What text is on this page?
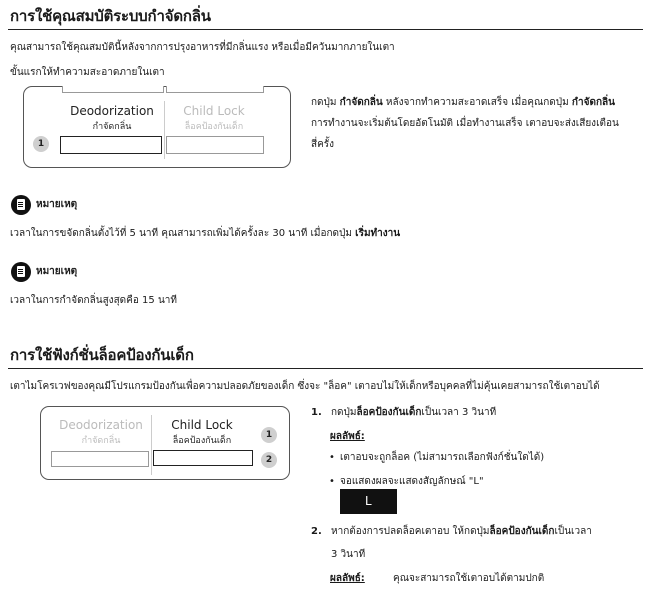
การใช้คุณสมบัติระบบกำจัดกลิ่น
คุณสามารถใช้คุณสมบัตินี้หลังจากการปรุงอาหารที่มีกลิ่นแรง หรือเมื่อมีควันมากภายในเตา
ขั้นแรกให้ทำความสะอาดภายในเตา
Deodorization
กำจัดกลิ่น
Child Lock
ล็อคป้องกันเด็ก
1
กดปุ่ม กำจัดกลิ่น หลังจากทำความสะอาดเสร็จ เมื่อคุณกดปุ่ม กำจัดกลิ่น
การทำงานจะเริ่มต้นโดยอัตโนมัติ เมื่อทำงานเสร็จ เตาอบจะส่งเสียงเตือน
สี่ครั้ง
หมายเหตุ
เวลาในการขจัดกลิ่นตั้งไว้ที่ 5 นาที คุณสามารถเพิ่มได้ครั้งละ 30 นาที เมื่อกดปุ่ม เริ่มทำงาน
หมายเหตุ
เวลาในการกำจัดกลิ่นสูงสุดคือ 15 นาที
การใช้ฟังก์ชั่นล็อคป้องกันเด็ก
เตาไมโครเวฟของคุณมีโปรแกรมป้องกันเพื่อความปลอดภัยของเด็ก ซึ่งจะ "ล็อค" เตาอบไม่ให้เด็กหรือบุคคลที่ไม่คุ้นเคยสามารถใช้เตาอบได้
Deodorization
กำจัดกลิ่น
Child Lock
ล็อคป้องกันเด็ก
1
2
1. กดปุ่มล็อคป้องกันเด็กเป็นเวลา 3 วินาที
ผลลัพธ์:
• เตาอบจะถูกล็อค (ไม่สามารถเลือกฟังก์ชั่นใดได้)
• จอแสดงผลจะแสดงสัญลักษณ์ "L"
L
2. หากต้องการปลดล็อคเตาอบ ให้กดปุ่มล็อคป้องกันเด็กเป็นเวลา
3 วินาที
ผลลัพธ์:	คุณจะสามารถใช้เตาอบได้ตามปกติ
